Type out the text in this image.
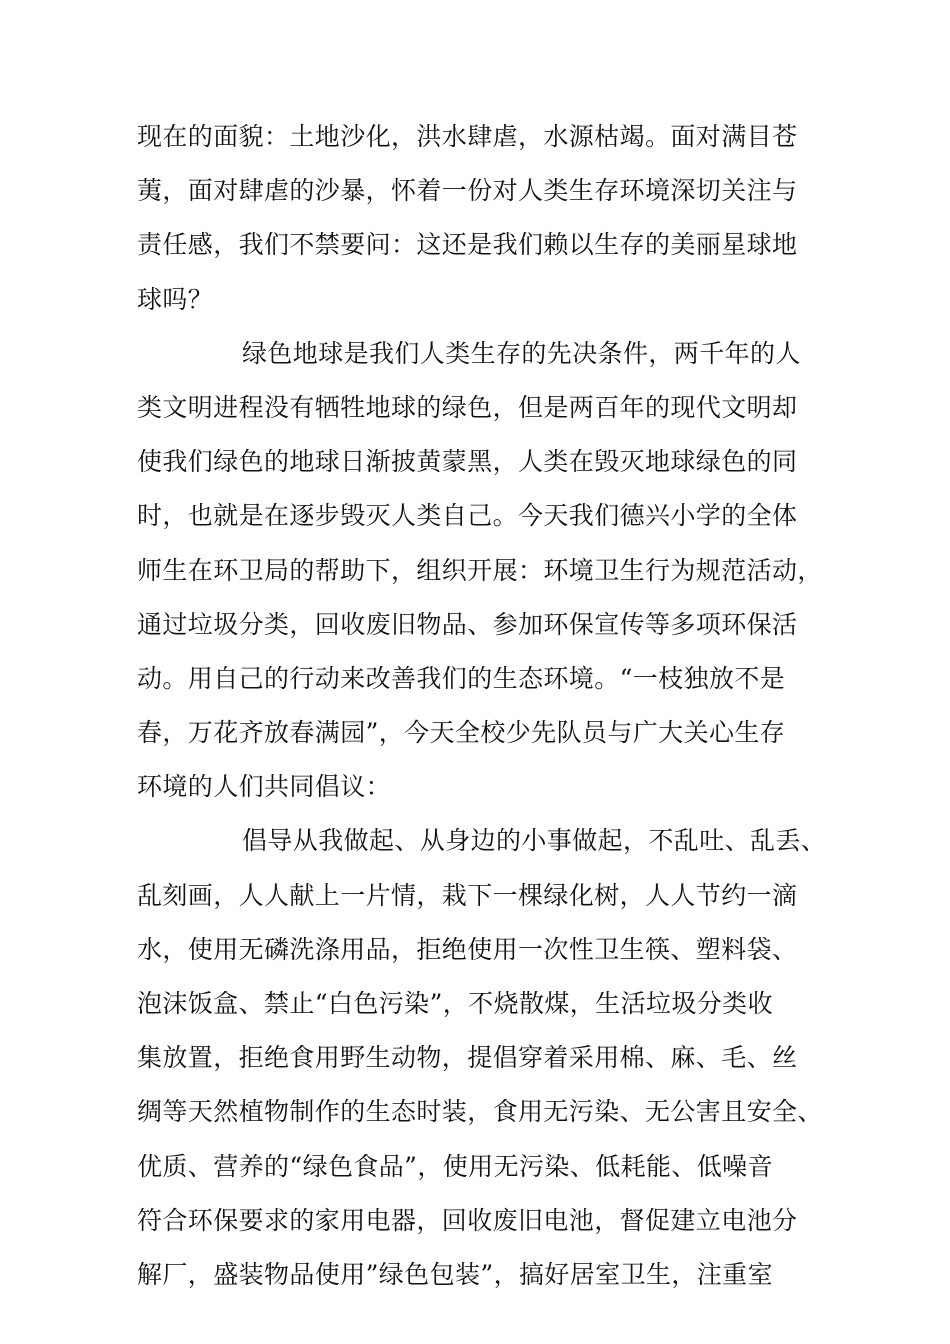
现在的面貌：土地沙化，洪水肆虐，水源枯竭。面对满目苍
荑，面对肆虐的沙暴，怀着一份对人类生存环境深切关注与
责任感，我们不禁要问：这还是我们赖以生存的美丽星球地
球吗？
绿色地球是我们人类生存的先决条件，两千年的人
类文明进程没有牺牲地球的绿色，但是两百年的现代文明却
使我们绿色的地球日渐披黄蒙黑，人类在毁灭地球绿色的同
时，也就是在逐步毁灭人类自己。今天我们德兴小学的全体
师生在环卫局的帮助下，组织开展：环境卫生行为规范活动，
通过垃圾分类，回收废旧物品、参加环保宣传等多项环保活
动。用自己的行动来改善我们的生态环境。“一枝独放不是
春，万花齐放春满园”，今天全校少先队员与广大关心生存
环境的人们共同倡议：
倡导从我做起、从身边的小事做起，不乱吐、乱丢、
乱刻画，人人献上一片情，栽下一棵绿化树，人人节约一滴
水，使用无磷洗涤用品，拒绝使用一次性卫生筷、塑料袋、
泡沫饭盒、禁止“白色污染”，不烧散煤，生活垃圾分类收
集放置，拒绝食用野生动物，提倡穿着采用棉、麻、毛、丝
绸等天然植物制作的生态时装，食用无污染、无公害且安全、
优质、营养的“绿色食品”，使用无污染、低耗能、低噪音
符合环保要求的家用电器，回收废旧电池，督促建立电池分
解厂，盛装物品使用”绿色包装”，搞好居室卫生，注重室
